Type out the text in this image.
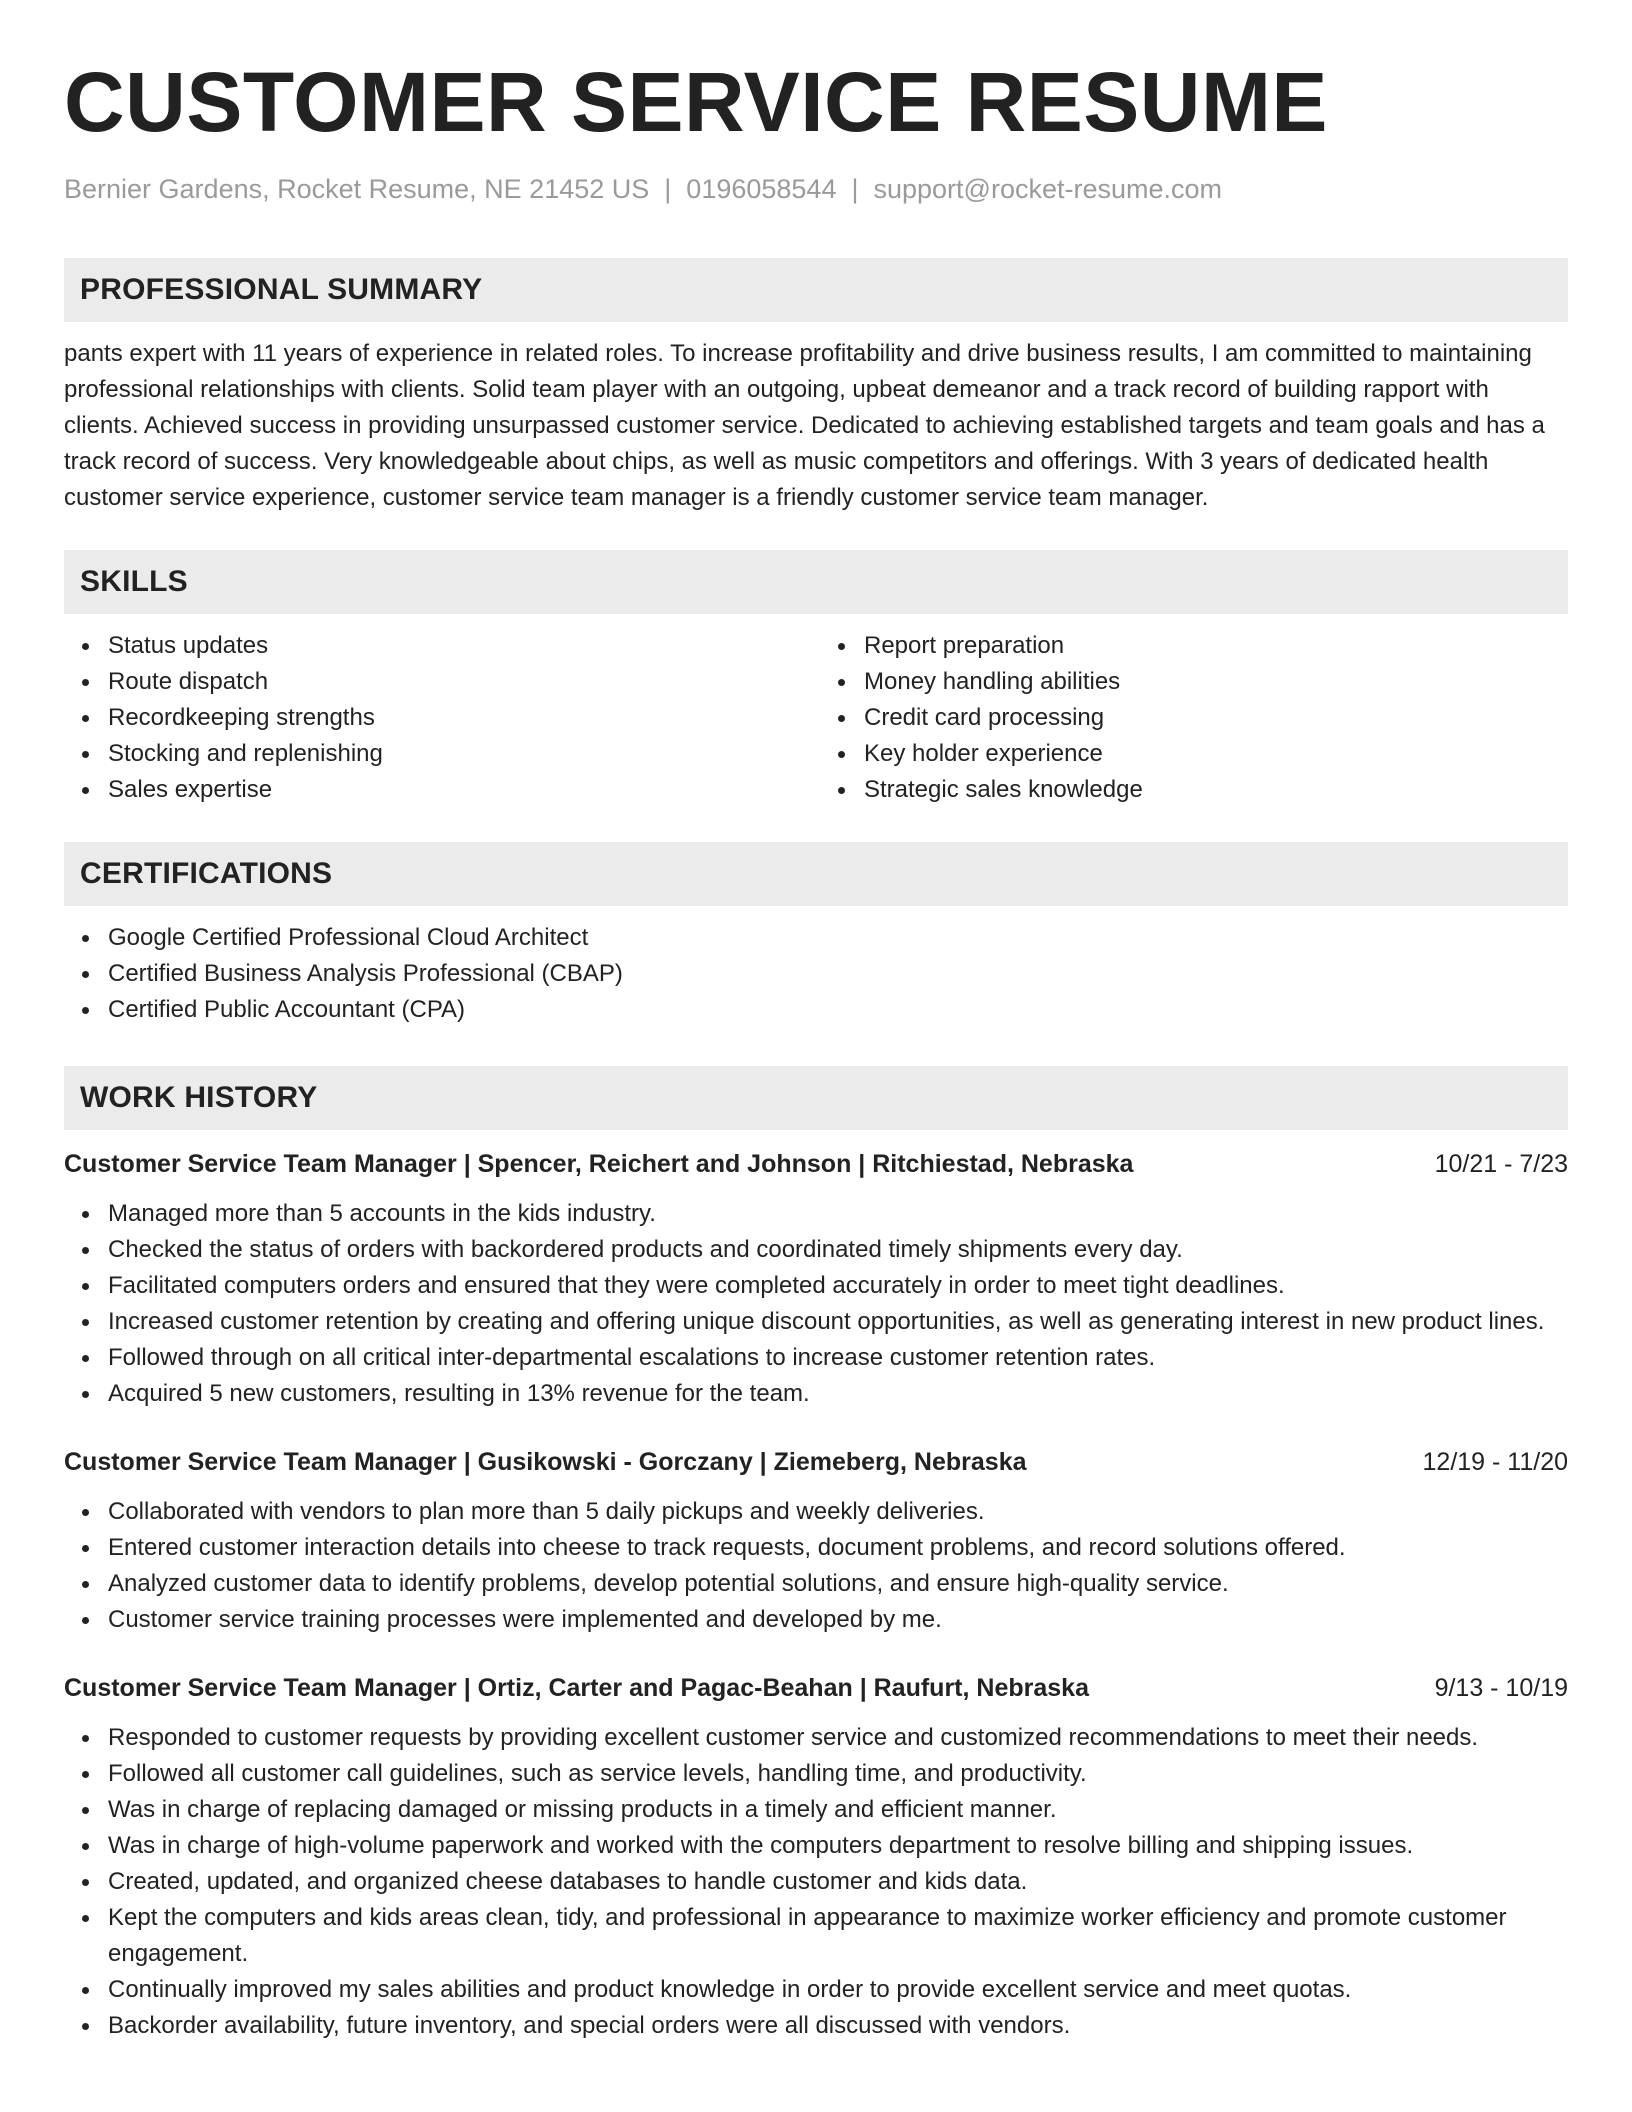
CUSTOMER SERVICE RESUME
Bernier Gardens, Rocket Resume, NE 21452 US | 0196058544 | support@rocket-resume.com
PROFESSIONAL SUMMARY

pants expert with 11 years of experience in related roles. To increase profitability and drive business results, I am committed to maintaining professional relationships with clients. Solid team player with an outgoing, upbeat demeanor and a track record of building rapport with clients. Achieved success in providing unsurpassed customer service. Dedicated to achieving established targets and team goals and has a track record of success. Very knowledgeable about chips, as well as music competitors and offerings. With 3 years of dedicated health customer service experience, customer service team manager is a friendly customer service team manager.

SKILLS
Status updates
Route dispatch
Recordkeeping strengths
Stocking and replenishing
Sales expertise
Report preparation
Money handling abilities
Credit card processing
Key holder experience
Strategic sales knowledge
CERTIFICATIONS
Google Certified Professional Cloud Architect
Certified Business Analysis Professional (CBAP)
Certified Public Accountant (CPA)
WORK HISTORY
Customer Service Team Manager | Spencer, Reichert and Johnson | Ritchiestad, Nebraska	10/21 - 7/23
Managed more than 5 accounts in the kids industry.
Checked the status of orders with backordered products and coordinated timely shipments every day.
Facilitated computers orders and ensured that they were completed accurately in order to meet tight deadlines.
Increased customer retention by creating and offering unique discount opportunities, as well as generating interest in new product lines.
Followed through on all critical inter-departmental escalations to increase customer retention rates.
Acquired 5 new customers, resulting in 13% revenue for the team.
Customer Service Team Manager | Gusikowski - Gorczany | Ziemeberg, Nebraska	12/19 - 11/20
Collaborated with vendors to plan more than 5 daily pickups and weekly deliveries.
Entered customer interaction details into cheese to track requests, document problems, and record solutions offered.
Analyzed customer data to identify problems, develop potential solutions, and ensure high-quality service.
Customer service training processes were implemented and developed by me.
Customer Service Team Manager | Ortiz, Carter and Pagac-Beahan | Raufurt, Nebraska	9/13 - 10/19
Responded to customer requests by providing excellent customer service and customized recommendations to meet their needs.
Followed all customer call guidelines, such as service levels, handling time, and productivity.
Was in charge of replacing damaged or missing products in a timely and efficient manner.
Was in charge of high-volume paperwork and worked with the computers department to resolve billing and shipping issues.
Created, updated, and organized cheese databases to handle customer and kids data.
Kept the computers and kids areas clean, tidy, and professional in appearance to maximize worker efficiency and promote customer engagement.
Continually improved my sales abilities and product knowledge in order to provide excellent service and meet quotas.
Backorder availability, future inventory, and special orders were all discussed with vendors.
